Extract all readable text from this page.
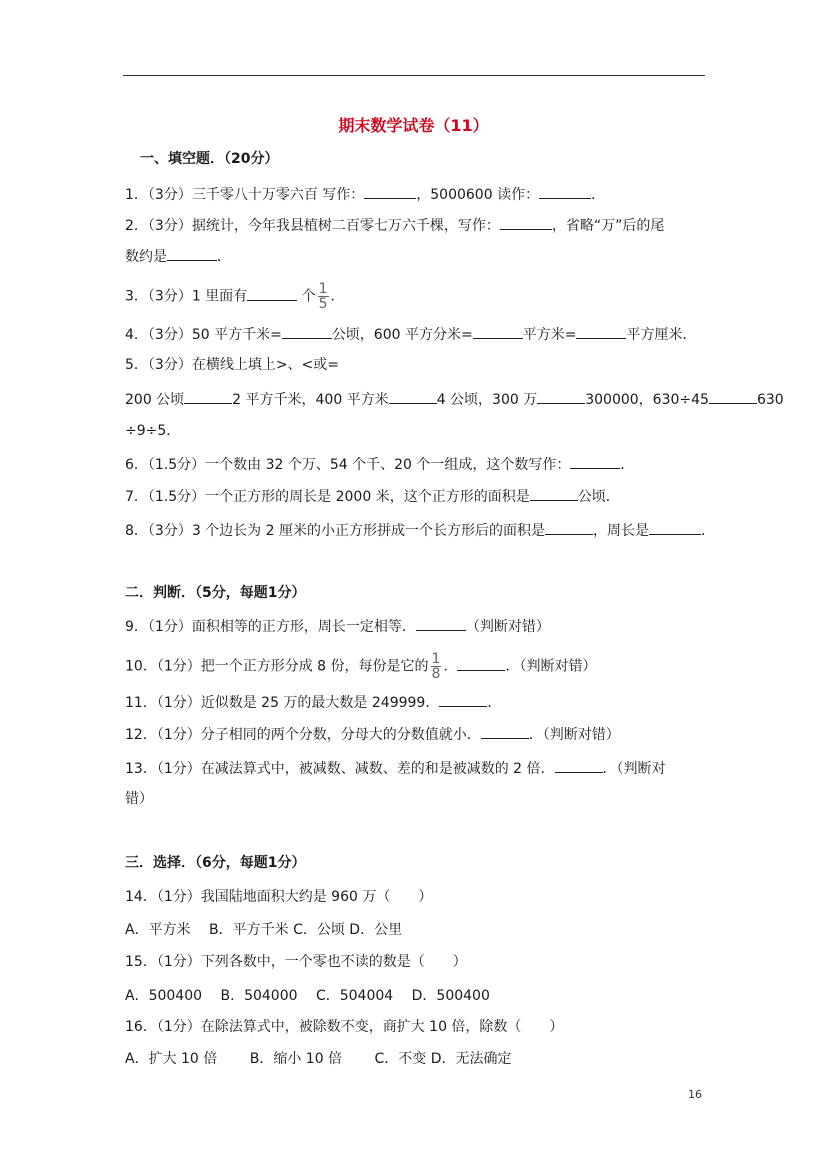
期末数学试卷（11）
一、填空题．（20分）
1．（3分）三千零八十万零六百 写作：	，5000600 读作：	．
2．（3分）据统计，今年我县植树二百零七万六千棵，写作：	，省略“万”后的尾
数约是	．
3．（3分）1 里面有	个 $\frac{1}{5}$ ．
4．（3分）50 平方千米=	公顷，600 平方分米=	平方米=	平方厘米．
5．（3分）在横线上填上>、<或=
200 公顷	2 平方千米，400 平方米	4 公顷，300 万	300000，630÷45	630
÷9÷5．
6．（1.5分）一个数由 32 个万、54 个千、20 个一组成，这个数写作：	．
7．（1.5分）一个正方形的周长是 2000 米，这个正方形的面积是	公顷．
8．（3分）3 个边长为 2 厘米的小正方形拼成一个长方形后的面积是	，周长是	．
二．判断．（5分，每题1分）
9．（1分）面积相等的正方形，周长一定相等．	（判断对错）
10．（1分）把一个正方形分成 8 份，每份是它的 $\frac{1}{8}$ ．	．（判断对错）
11．（1分）近似数是 25 万的最大数是 249999．	．
12．（1分）分子相同的两个分数，分母大的分数值就小．	．（判断对错）
13．（1分）在减法算式中，被减数、减数、差的和是被减数的 2 倍．	．（判断对
错）
三．选择．（6分，每题1分）
14．（1分）我国陆地面积大约是 960 万（　　）
A．平方米　 B．平方千米 C．公顷 D．公里
15．（1分）下列各数中，一个零也不读的数是（　　）
A．500400　 B．504000　 C．504004　 D．500400
16．（1分）在除法算式中，被除数不变，商扩大 10 倍，除数（　　）
A．扩大 10 倍　　 B．缩小 10 倍　　 C．不变 D．无法确定
16
